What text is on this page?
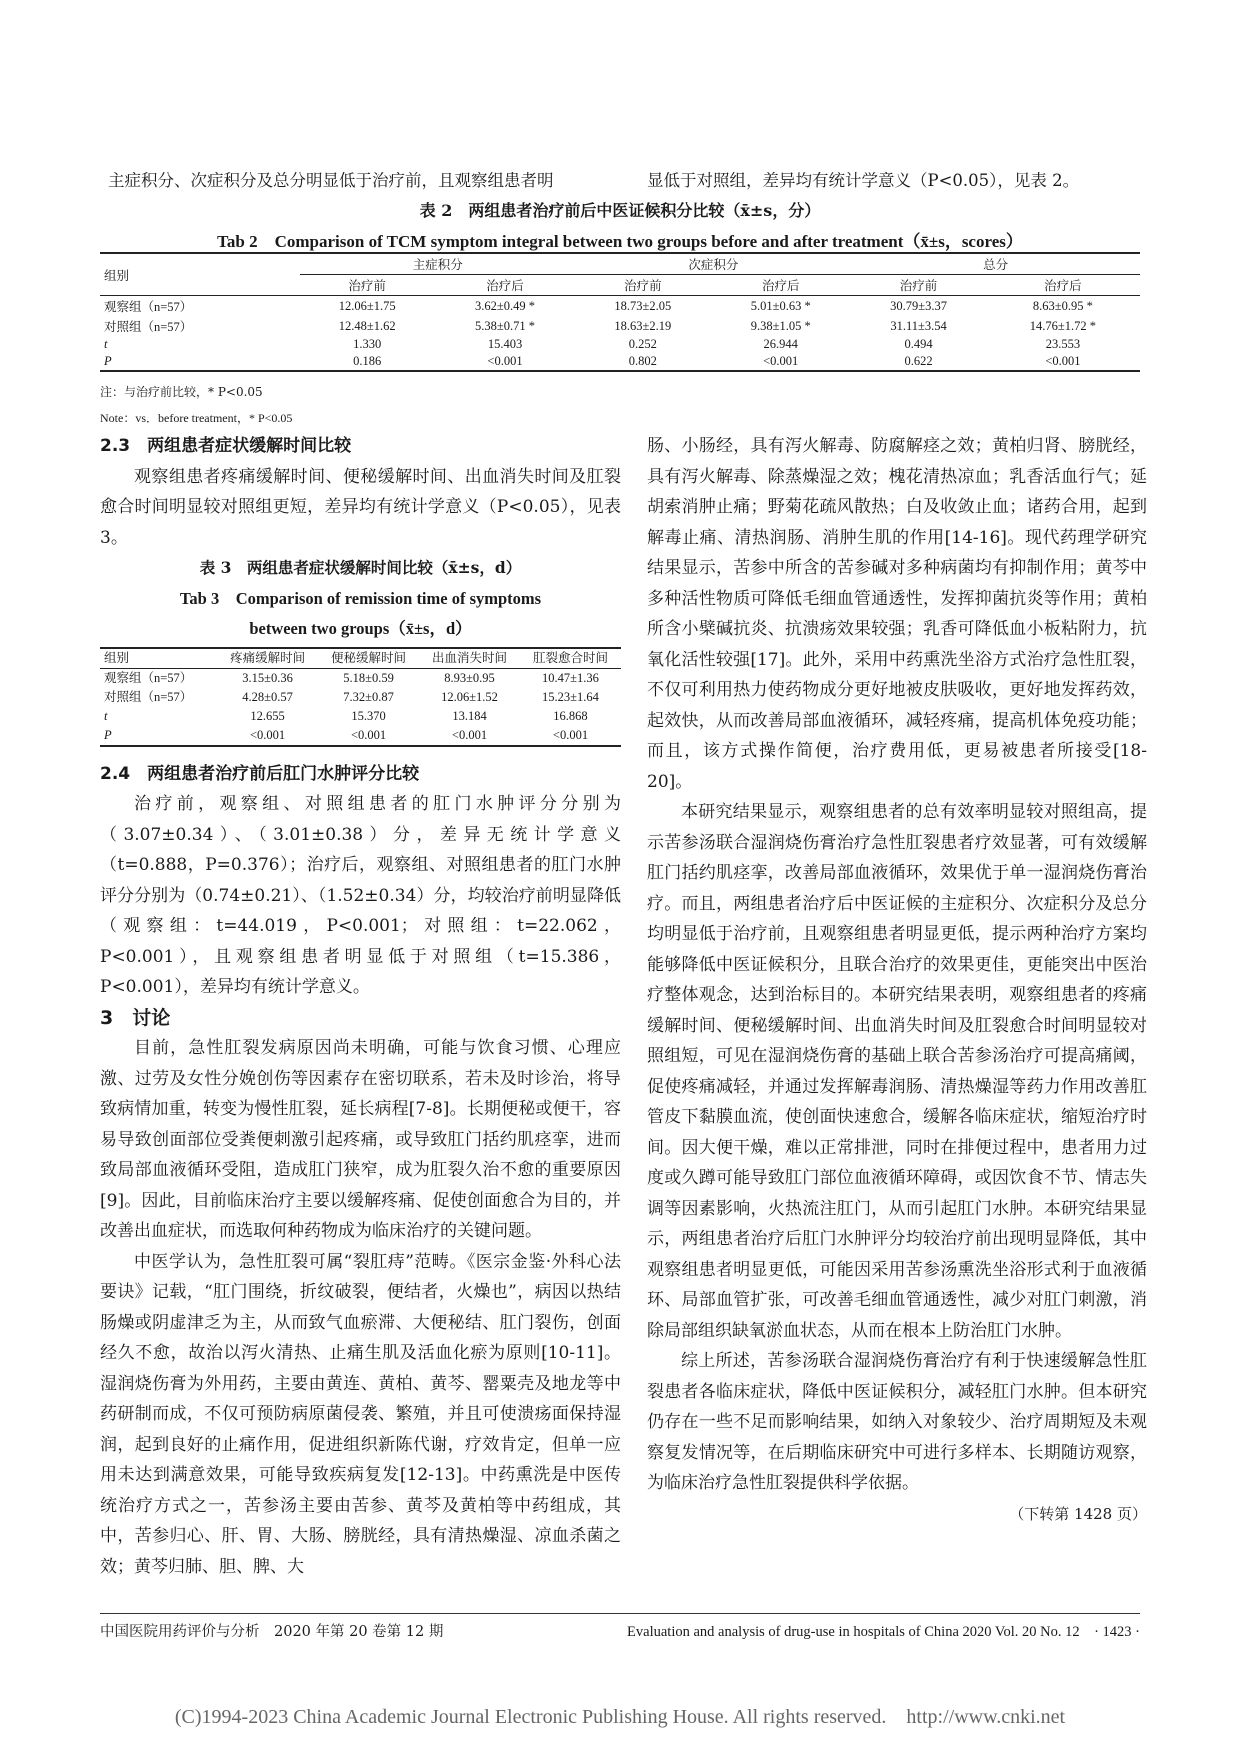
主症积分、次症积分及总分明显低于治疗前，且观察组患者明	显低于对照组，差异均有统计学意义（P<0.05），见表 2。
表 2　两组患者治疗前后中医证候积分比较（x̄±s，分）
Tab 2　Comparison of TCM symptom integral between two groups before and after treatment（x̄±s，scores）
组别	主症积分		次症积分		总分	
	治疗前	治疗后	治疗前	治疗后	治疗前	治疗后
观察组（n=57）	12.06±1.75	3.62±0.49 *	18.73±2.05	5.01±0.63 *	30.79±3.37	8.63±0.95 *
对照组（n=57）	12.48±1.62	5.38±0.71 *	18.63±2.19	9.38±1.05 *	31.11±3.54	14.76±1.72 *
t	1.330	15.403	0.252	26.944	0.494	23.553
P	0.186	<0.001	0.802	<0.001	0.622	<0.001
注：与治疗前比较，* P<0.05
Note：vs．before treatment，* P<0.05
2.3　两组患者症状缓解时间比较

观察组患者疼痛缓解时间、便秘缓解时间、出血消失时间及肛裂愈合时间明显较对照组更短，差异均有统计学意义（P<0.05），见表3。

表 3　两组患者症状缓解时间比较（x̄±s，d）
Tab 3　Comparison of remission time of symptoms
between two groups（x̄±s，d）
组别	疼痛缓解时间	便秘缓解时间	出血消失时间	肛裂愈合时间
观察组（n=57）	3.15±0.36	5.18±0.59	8.93±0.95	10.47±1.36
对照组（n=57）	4.28±0.57	7.32±0.87	12.06±1.52	15.23±1.64
t	12.655	15.370	13.184	16.868
P	<0.001	<0.001	<0.001	<0.001
2.4　两组患者治疗前后肛门水肿评分比较

治疗前，观察组、对照组患者的肛门水肿评分分别为（3.07±0.34）、（3.01±0.38）分，差异无统计学意义（t=0.888，P=0.376）；治疗后，观察组、对照组患者的肛门水肿评分分别为（0.74±0.21）、（1.52±0.34）分，均较治疗前明显降低（观察组：t=44.019，P<0.001；对照组：t=22.062，P<0.001），且观察组患者明显低于对照组（t=15.386，P<0.001），差异均有统计学意义。

3　讨论

目前，急性肛裂发病原因尚未明确，可能与饮食习惯、心理应激、过劳及女性分娩创伤等因素存在密切联系，若未及时诊治，将导致病情加重，转变为慢性肛裂，延长病程[7-8]。长期便秘或便干，容易导致创面部位受粪便刺激引起疼痛，或导致肛门括约肌痉挛，进而致局部血液循环受阻，造成肛门狭窄，成为肛裂久治不愈的重要原因[9]。因此，目前临床治疗主要以缓解疼痛、促使创面愈合为目的，并改善出血症状，而选取何种药物成为临床治疗的关键问题。

中医学认为，急性肛裂可属“裂肛痔”范畴。《医宗金鉴·外科心法要诀》记载，“肛门围绕，折纹破裂，便结者，火燥也”，病因以热结肠燥或阴虚津乏为主，从而致气血瘀滞、大便秘结、肛门裂伤，创面经久不愈，故治以泻火清热、止痛生肌及活血化瘀为原则[10-11]。湿润烧伤膏为外用药，主要由黄连、黄柏、黄芩、罂粟壳及地龙等中药研制而成，不仅可预防病原菌侵袭、繁殖，并且可使溃疡面保持湿润，起到良好的止痛作用，促进组织新陈代谢，疗效肯定，但单一应用未达到满意效果，可能导致疾病复发[12-13]。中药熏洗是中医传统治疗方式之一，苦参汤主要由苦参、黄芩及黄柏等中药组成，其中，苦参归心、肝、胃、大肠、膀胱经，具有清热燥湿、凉血杀菌之效；黄芩归肺、胆、脾、大

肠、小肠经，具有泻火解毒、防腐解痉之效；黄柏归肾、膀胱经，具有泻火解毒、除蒸燥湿之效；槐花清热凉血；乳香活血行气；延胡索消肿止痛；野菊花疏风散热；白及收敛止血；诸药合用，起到解毒止痛、清热润肠、消肿生肌的作用[14-16]。现代药理学研究结果显示，苦参中所含的苦参碱对多种病菌均有抑制作用；黄芩中多种活性物质可降低毛细血管通透性，发挥抑菌抗炎等作用；黄柏所含小檗碱抗炎、抗溃疡效果较强；乳香可降低血小板粘附力，抗氧化活性较强[17]。此外，采用中药熏洗坐浴方式治疗急性肛裂，不仅可利用热力使药物成分更好地被皮肤吸收，更好地发挥药效，起效快，从而改善局部血液循环，减轻疼痛，提高机体免疫功能；而且，该方式操作简便，治疗费用低，更易被患者所接受[18-20]。

本研究结果显示，观察组患者的总有效率明显较对照组高，提示苦参汤联合湿润烧伤膏治疗急性肛裂患者疗效显著，可有效缓解肛门括约肌痉挛，改善局部血液循环，效果优于单一湿润烧伤膏治疗。而且，两组患者治疗后中医证候的主症积分、次症积分及总分均明显低于治疗前，且观察组患者明显更低，提示两种治疗方案均能够降低中医证候积分，且联合治疗的效果更佳，更能突出中医治疗整体观念，达到治标目的。本研究结果表明，观察组患者的疼痛缓解时间、便秘缓解时间、出血消失时间及肛裂愈合时间明显较对照组短，可见在湿润烧伤膏的基础上联合苦参汤治疗可提高痛阈，促使疼痛减轻，并通过发挥解毒润肠、清热燥湿等药力作用改善肛管皮下黏膜血流，使创面快速愈合，缓解各临床症状，缩短治疗时间。因大便干燥，难以正常排泄，同时在排便过程中，患者用力过度或久蹲可能导致肛门部位血液循环障碍，或因饮食不节、情志失调等因素影响，火热流注肛门，从而引起肛门水肿。本研究结果显示，两组患者治疗后肛门水肿评分均较治疗前出现明显降低，其中观察组患者明显更低，可能因采用苦参汤熏洗坐浴形式利于血液循环、局部血管扩张，可改善毛细血管通透性，减少对肛门刺激，消除局部组织缺氧淤血状态，从而在根本上防治肛门水肿。

综上所述，苦参汤联合湿润烧伤膏治疗有利于快速缓解急性肛裂患者各临床症状，降低中医证候积分，减轻肛门水肿。但本研究仍存在一些不足而影响结果，如纳入对象较少、治疗周期短及未观察复发情况等，在后期临床研究中可进行多样本、长期随访观察，为临床治疗急性肛裂提供科学依据。

（下转第 1428 页）

中国医院用药评价与分析　2020 年第 20 卷第 12 期	Evaluation and analysis of drug-use in hospitals of China 2020 Vol. 20 No. 12　· 1423 ·
(C)1994-2023 China Academic Journal Electronic Publishing House. All rights reserved.　http://www.cnki.net
